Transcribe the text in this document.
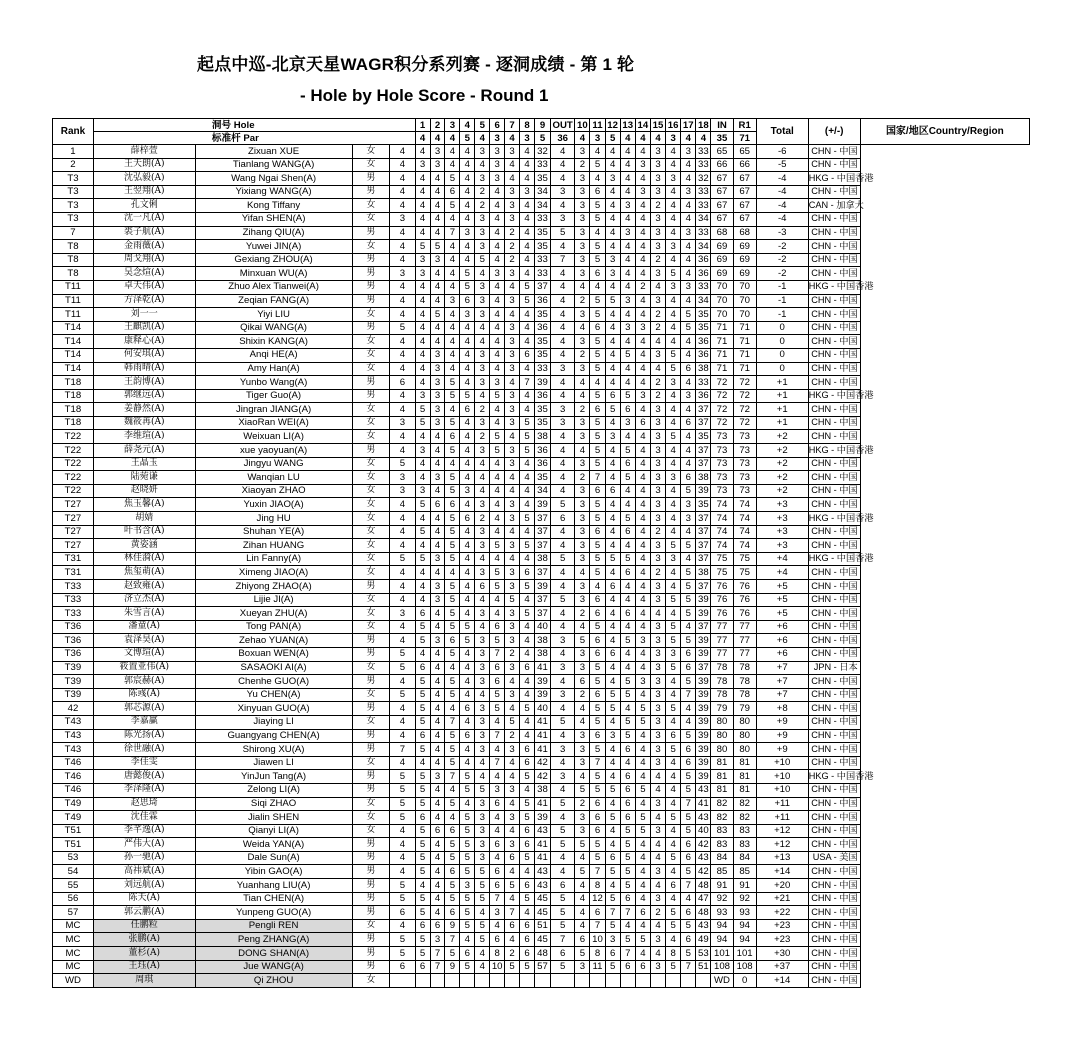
起点中巡-北京天星WAGR积分系列赛 - 逐洞成绩 - 第 1 轮
- Hole by Hole Score - Round 1
Rank	洞号 Hole				1	2	3	4	5	6	7	8	9	OUT	10	11	12	13	14	15	16	17	18	IN	R1	Total	(+/-)	国家/地区Country/Region
	标准杆 Par				4	4	4	5	4	3	4	3	5	36	4	3	5	4	4	4	3	4	4	35	71			
1	薛梓萱	Zixuan XUE	女	4	4	3	4	4	3	3	3	4	32	4	3	4	4	4	4	3	4	3	33	65	65	-6	CHN - 中国	
2	王天朗(A)	Tianlang WANG(A)	女	4	3	3	4	4	4	3	4	4	33	4	2	5	4	4	3	3	4	4	33	66	66	-5	CHN - 中国	
T3	沈弘毅(A)	Wang Ngai Shen(A)	男	4	4	4	5	4	3	3	4	4	35	4	3	4	3	4	4	3	3	4	32	67	67	-4	HKG - 中国香港	
T3	王翌翔(A)	Yixiang WANG(A)	男	4	4	4	6	4	2	4	3	3	34	3	3	6	4	4	3	3	4	3	33	67	67	-4	CHN - 中国	
T3	孔文俐	Kong Tiffany	女	4	4	4	5	4	2	4	3	4	34	4	3	5	4	3	4	2	4	4	33	67	67	-4	CAN - 加拿大	
T3	沈一凡(A)	Yifan SHEN(A)	女	3	4	4	4	4	3	4	3	4	33	3	3	5	4	4	4	3	4	4	34	67	67	-4	CHN - 中国	
7	裘子航(A)	Zihang QIU(A)	男	4	4	4	7	3	3	4	2	4	35	5	3	4	4	3	4	3	4	3	33	68	68	-3	CHN - 中国	
T8	金雨薇(A)	Yuwei JIN(A)	女	4	5	5	4	4	3	4	2	4	35	4	3	5	4	4	4	3	3	4	34	69	69	-2	CHN - 中国	
T8	周戈翔(A)	Gexiang ZHOU(A)	男	4	3	3	4	4	5	4	2	4	33	7	3	5	3	4	4	2	4	4	36	69	69	-2	CHN - 中国	
T8	吴念煊(A)	Minxuan WU(A)	男	3	3	4	4	5	4	3	3	4	33	4	3	6	3	4	4	3	5	4	36	69	69	-2	CHN - 中国	
T11	卓天伟(A)	Zhuo Alex Tianwei(A)	男	4	4	4	4	5	3	4	4	5	37	4	4	4	4	4	2	4	3	3	33	70	70	-1	HKG - 中国香港	
T11	方泽乾(A)	Zeqian FANG(A)	男	4	4	4	3	6	3	4	3	5	36	4	2	5	5	3	4	3	4	4	34	70	70	-1	CHN - 中国	
T11	刘一一	Yiyi LIU	女	4	4	5	4	3	3	4	4	4	35	4	3	5	4	4	4	2	4	5	35	70	70	-1	CHN - 中国	
T14	王麒凯(A)	Qikai WANG(A)	男	5	4	4	4	4	4	4	3	4	36	4	4	6	4	3	3	2	4	5	35	71	71	0	CHN - 中国	
T14	康释心(A)	Shixin KANG(A)	女	4	4	4	4	4	4	4	3	4	35	4	3	5	4	4	4	4	4	4	36	71	71	0	CHN - 中国	
T14	何安琪(A)	Anqi HE(A)	女	4	4	3	4	4	3	4	3	6	35	4	2	5	4	5	4	3	5	4	36	71	71	0	CHN - 中国	
T14	韩雨晴(A)	Amy Han(A)	女	4	4	3	4	4	3	4	3	4	33	3	3	5	4	4	4	4	5	6	38	71	71	0	CHN - 中国	
T18	王韵博(A)	Yunbo Wang(A)	男	6	4	3	5	4	3	3	4	7	39	4	4	4	4	4	4	2	3	4	33	72	72	+1	CHN - 中国	
T18	郭继远(A)	Tiger Guo(A)	男	4	3	3	5	5	4	5	3	4	36	4	4	5	6	5	3	2	4	3	36	72	72	+1	HKG - 中国香港	
T18	姜静然(A)	Jingran JIANG(A)	女	4	5	3	4	6	2	4	3	4	35	3	2	6	5	6	4	3	4	4	37	72	72	+1	CHN - 中国	
T18	魏筱苒(A)	XiaoRan WEI(A)	女	3	5	3	5	4	3	4	3	5	35	3	3	5	4	3	6	3	4	6	37	72	72	+1	CHN - 中国	
T22	李维瑄(A)	Weixuan LI(A)	女	4	4	4	6	4	2	5	4	5	38	4	3	5	3	4	4	3	5	4	35	73	73	+2	CHN - 中国	
T22	薛尧元(A)	xue yaoyuan(A)	男	4	3	4	5	4	3	5	3	5	36	4	4	5	4	5	4	3	4	4	37	73	73	+2	HKG - 中国香港	
T22	王晶玉	Jingyu WANG	女	5	4	4	4	4	4	4	3	4	36	4	3	5	4	6	4	3	4	4	37	73	73	+2	CHN - 中国	
T22	陆菀谦	Wanqian LU	女	3	4	3	5	4	4	4	4	4	35	4	2	7	4	5	4	3	3	6	38	73	73	+2	CHN - 中国	
T22	赵晓妍	Xiaoyan ZHAO	女	3	3	4	5	3	4	4	4	4	34	4	3	6	6	4	4	3	4	5	39	73	73	+2	CHN - 中国	
T27	焦玉馨(A)	Yuxin JIAO(A)	女	4	5	6	6	4	3	4	3	4	39	5	3	5	4	4	4	3	4	3	35	74	74	+3	CHN - 中国	
T27	胡婧	Jing HU	女	4	4	4	5	6	2	4	3	5	37	6	3	5	4	5	4	3	4	3	37	74	74	+3	HKG - 中国香港	
T27	叶书含(A)	Shuhan YE(A)	女	4	5	4	5	4	3	4	4	4	37	4	3	6	4	6	4	2	4	4	37	74	74	+3	CHN - 中国	
T27	黄姿涵	Zihan HUANG	女	4	4	4	5	4	3	5	3	5	37	4	3	5	4	4	4	3	5	5	37	74	74	+3	CHN - 中国	
T31	林佳漪(A)	Lin Fanny(A)	女	5	5	3	5	4	4	4	4	4	38	5	3	5	5	5	4	3	3	4	37	75	75	+4	HKG - 中国香港	
T31	焦玺萌(A)	Ximeng JIAO(A)	女	4	4	4	4	4	3	5	3	6	37	4	4	5	4	6	4	2	4	5	38	75	75	+4	CHN - 中国	
T33	赵致雍(A)	Zhiyong ZHAO(A)	男	4	4	3	5	4	6	5	3	5	39	4	3	4	6	4	4	3	4	5	37	76	76	+5	CHN - 中国	
T33	济立杰(A)	Lijie JI(A)	女	4	4	3	5	4	4	4	5	4	37	5	3	6	4	4	4	3	5	5	39	76	76	+5	CHN - 中国	
T33	朱雪言(A)	Xueyan ZHU(A)	女	3	6	4	5	4	3	4	3	5	37	4	2	6	4	6	4	4	4	5	39	76	76	+5	CHN - 中国	
T36	潘童(A)	Tong PAN(A)	女	4	5	4	5	5	4	6	3	4	40	4	4	5	4	4	4	3	5	4	37	77	77	+6	CHN - 中国	
T36	袁泽昊(A)	Zehao YUAN(A)	男	4	5	3	6	5	3	5	3	4	38	3	5	6	4	5	3	3	5	5	39	77	77	+6	CHN - 中国	
T36	文博瑄(A)	Boxuan WEN(A)	男	5	4	4	5	4	3	7	2	4	38	4	3	6	6	4	4	3	3	6	39	77	77	+6	CHN - 中国	
T39	筱置亚伟(A)	SASAOKI AI(A)	女	5	6	4	4	4	3	6	3	6	41	3	3	5	4	4	4	3	5	6	37	78	78	+7	JPN - 日本	
T39	郭宸赫(A)	Chenhe GUO(A)	男	4	5	4	5	4	3	6	4	4	39	4	6	5	4	5	3	3	4	5	39	78	78	+7	CHN - 中国	
T39	陈彧(A)	Yu CHEN(A)	女	5	5	4	5	4	4	5	3	4	39	3	2	6	5	5	4	3	4	7	39	78	78	+7	CHN - 中国	
42	郭芯源(A)	Xinyuan GUO(A)	男	4	5	4	4	6	3	5	4	5	40	4	4	5	5	4	5	3	5	4	39	79	79	+8	CHN - 中国	
T43	李嘉赢	Jiaying LI	女	4	5	4	7	4	3	4	5	4	41	5	4	5	4	5	5	3	4	4	39	80	80	+9	CHN - 中国	
T43	陈光扬(A)	Guangyang CHEN(A)	男	4	6	4	5	6	3	7	2	4	41	4	3	6	3	5	4	3	6	5	39	80	80	+9	CHN - 中国	
T43	徐世融(A)	Shirong XU(A)	男	7	5	4	5	4	3	4	3	6	41	3	3	5	4	6	4	3	5	6	39	80	80	+9	CHN - 中国	
T46	李佳雯	Jiawen LI	女	4	4	4	5	4	4	7	4	6	42	4	3	7	4	4	4	3	4	6	39	81	81	+10	CHN - 中国	
T46	唐懿俊(A)	YinJun Tang(A)	男	5	5	3	7	5	4	4	4	5	42	3	4	5	4	6	4	4	4	5	39	81	81	+10	HKG - 中国香港	
T46	李泽隆(A)	Zelong LI(A)	男	5	5	4	4	5	5	3	3	4	38	4	5	5	5	6	5	4	4	5	43	81	81	+10	CHN - 中国	
T49	赵思琦	Siqi ZHAO	女	5	5	4	5	4	3	6	4	5	41	5	2	6	4	6	4	3	4	7	41	82	82	+11	CHN - 中国	
T49	沈佳霖	Jialin SHEN	女	5	6	4	4	5	3	4	3	5	39	4	3	6	5	6	5	4	5	5	43	82	82	+11	CHN - 中国	
T51	李芊逸(A)	Qianyi LI(A)	女	4	5	6	6	5	3	4	4	6	43	5	3	6	4	5	5	3	4	5	40	83	83	+12	CHN - 中国	
T51	严伟大(A)	Weida YAN(A)	男	4	5	4	5	5	3	6	3	6	41	5	5	5	4	5	4	4	4	6	42	83	83	+12	CHN - 中国	
53	孙一驰(A)	Dale Sun(A)	男	4	5	4	5	5	3	4	6	5	41	4	4	5	6	5	4	4	5	6	43	84	84	+13	USA - 美国	
54	高祎斌(A)	Yibin GAO(A)	男	4	5	4	6	5	5	6	4	4	43	4	5	7	5	5	4	3	4	5	42	85	85	+14	CHN - 中国	
55	刘远航(A)	Yuanhang LIU(A)	男	5	4	4	5	3	5	6	5	6	43	6	4	8	4	5	4	4	6	7	48	91	91	+20	CHN - 中国	
56	陈天(A)	Tian CHEN(A)	男	5	5	4	5	5	5	7	4	5	45	5	4	12	5	6	4	3	4	4	47	92	92	+21	CHN - 中国	
57	郭云鹏(A)	Yunpeng GUO(A)	男	6	5	4	6	5	4	3	7	4	45	5	4	6	7	7	6	2	5	6	48	93	93	+22	CHN - 中国	
MC	任鹏粒	Pengli REN	女	4	6	6	9	5	5	4	6	6	51	5	4	7	5	4	4	4	5	5	43	94	94	+23	CHN - 中国	
MC	张鹏(A)	Peng ZHANG(A)	男	5	5	3	7	4	5	6	4	6	45	7	6	10	3	5	5	3	4	6	49	94	94	+23	CHN - 中国	
MC	董杉(A)	DONG SHAN(A)	男	5	5	7	5	6	4	8	2	6	48	6	5	8	6	7	4	4	8	5	53	101	101	+30	CHN - 中国	
MC	王珏(A)	Jue WANG(A)	男	6	6	7	9	5	4	10	5	5	57	5	3	11	5	6	6	3	5	7	51	108	108	+37	CHN - 中国	
WD	周琪	Qi ZHOU	女																					WD	0	+14	CHN - 中国	
